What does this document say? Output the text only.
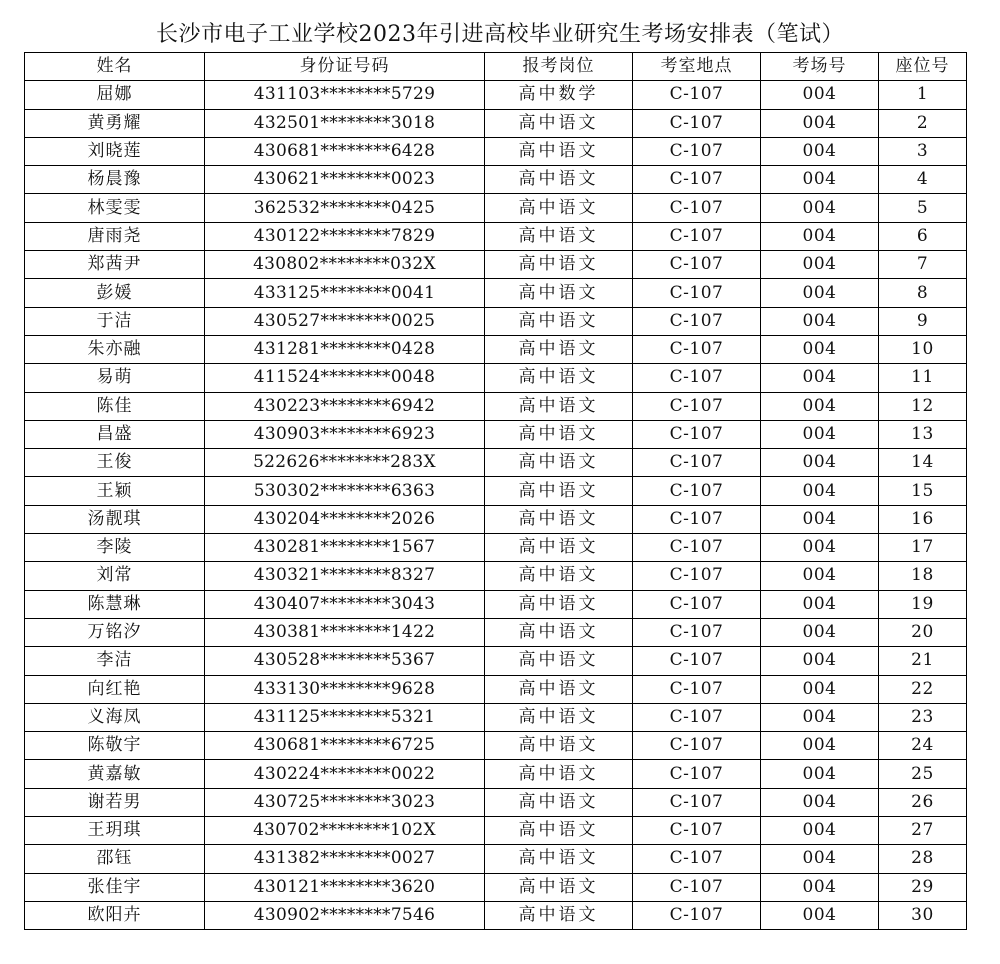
长沙市电子工业学校2023年引进高校毕业研究生考场安排表（笔试）
姓名	身份证号码	报考岗位	考室地点	考场号	座位号
屈娜	431103********5729	高中数学	C-107	004	1
黄勇耀	432501********3018	高中语文	C-107	004	2
刘晓莲	430681********6428	高中语文	C-107	004	3
杨晨豫	430621********0023	高中语文	C-107	004	4
林雯雯	362532********0425	高中语文	C-107	004	5
唐雨尧	430122********7829	高中语文	C-107	004	6
郑茜尹	430802********032X	高中语文	C-107	004	7
彭媛	433125********0041	高中语文	C-107	004	8
于洁	430527********0025	高中语文	C-107	004	9
朱亦融	431281********0428	高中语文	C-107	004	10
易萌	411524********0048	高中语文	C-107	004	11
陈佳	430223********6942	高中语文	C-107	004	12
昌盛	430903********6923	高中语文	C-107	004	13
王俊	522626********283X	高中语文	C-107	004	14
王颖	530302********6363	高中语文	C-107	004	15
汤靓琪	430204********2026	高中语文	C-107	004	16
李陵	430281********1567	高中语文	C-107	004	17
刘常	430321********8327	高中语文	C-107	004	18
陈慧琳	430407********3043	高中语文	C-107	004	19
万铭汐	430381********1422	高中语文	C-107	004	20
李洁	430528********5367	高中语文	C-107	004	21
向红艳	433130********9628	高中语文	C-107	004	22
义海凤	431125********5321	高中语文	C-107	004	23
陈敬宇	430681********6725	高中语文	C-107	004	24
黄嘉敏	430224********0022	高中语文	C-107	004	25
谢若男	430725********3023	高中语文	C-107	004	26
王玥琪	430702********102X	高中语文	C-107	004	27
邵钰	431382********0027	高中语文	C-107	004	28
张佳宇	430121********3620	高中语文	C-107	004	29
欧阳卉	430902********7546	高中语文	C-107	004	30
